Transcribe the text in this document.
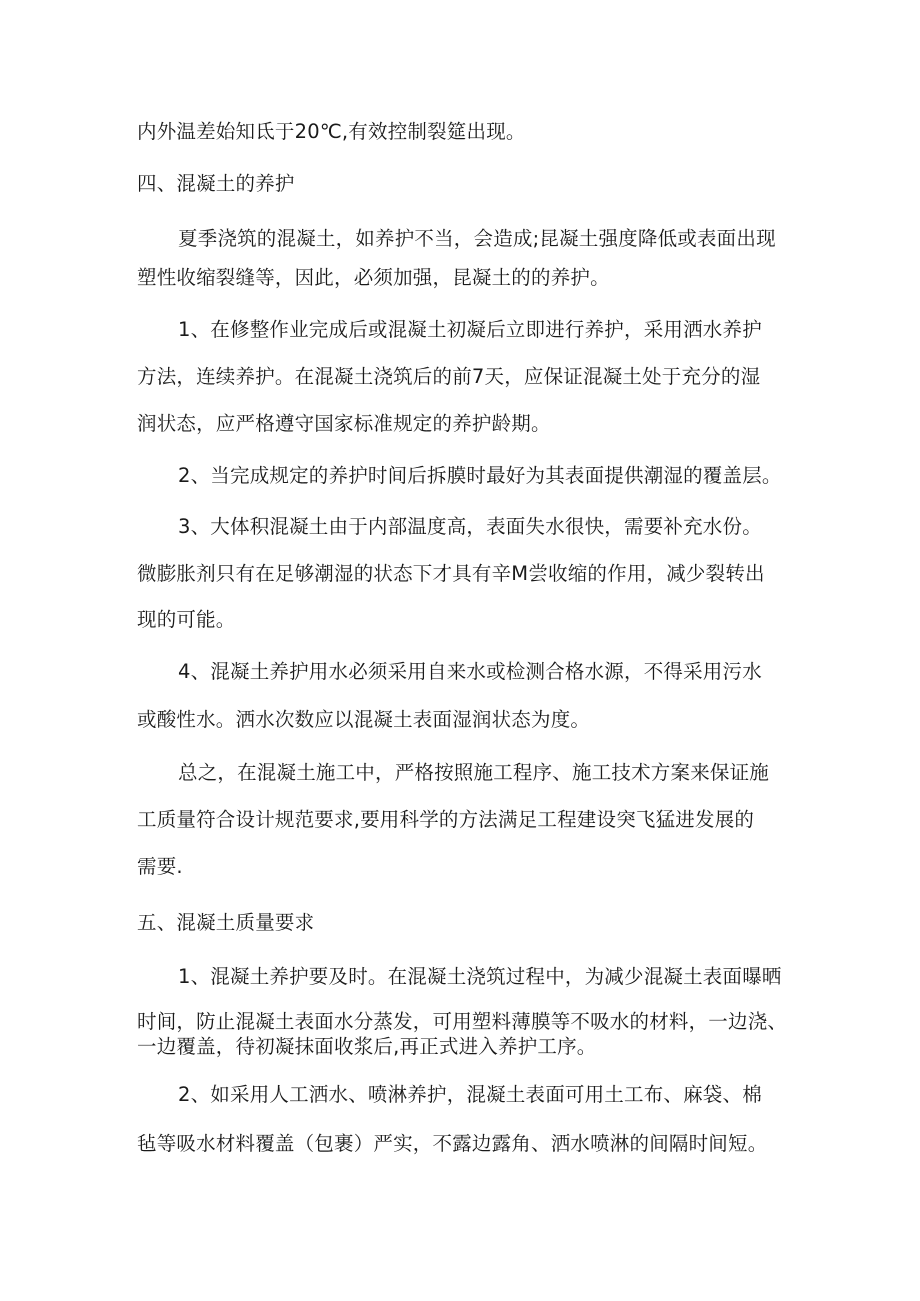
内外温差始知氐于20℃,有效控制裂筵出现。
四、混凝土的养护
夏季浇筑的混凝土，如养护不当，会造成;昆凝土强度降低或表面出现
塑性收缩裂缝等，因此，必须加强，昆凝土的的养护。
1、在修整作业完成后或混凝土初凝后立即进行养护，采用洒水养护
方法，连续养护。在混凝土浇筑后的前7天，应保证混凝土处于充分的湿
润状态，应严格遵守国家标准规定的养护龄期。
2、当完成规定的养护时间后拆膜时最好为其表面提供潮湿的覆盖层。
3、大体积混凝土由于内部温度高，表面失水很快，需要补充水份。
微膨胀剂只有在足够潮湿的状态下才具有辛M尝收缩的作用，减少裂转出
现的可能。
4、混凝土养护用水必须采用自来水或检测合格水源，不得采用污水
或酸性水。洒水次数应以混凝土表面湿润状态为度。
总之，在混凝土施工中，严格按照施工程序、施工技术方案来保证施
工质量符合设计规范要求,要用科学的方法满足工程建设突飞猛进发展的
需要.
五、混凝土质量要求
1、混凝土养护要及时。在混凝土浇筑过程中，为减少混凝土表面曝晒
时间，防止混凝土表面水分蒸发，可用塑料薄膜等不吸水的材料，一边浇、
一边覆盖，待初凝抹面收浆后,再正式进入养护工序。
2、如采用人工洒水、喷淋养护，混凝土表面可用土工布、麻袋、棉
毡等吸水材料覆盖（包裹）严实，不露边露角、洒水喷淋的间隔时间短。
